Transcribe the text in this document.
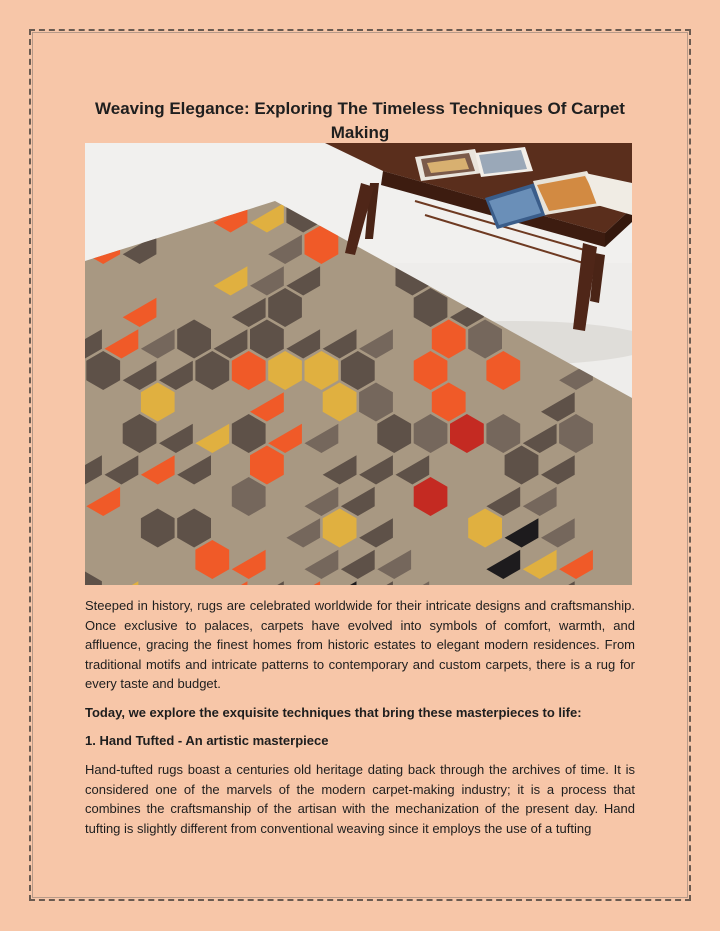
Weaving Elegance: Exploring The Timeless Techniques Of Carpet Making

Steeped in history, rugs are celebrated worldwide for their intricate designs and craftsmanship. Once exclusive to palaces, carpets have evolved into symbols of comfort, warmth, and affluence, gracing the finest homes from historic estates to elegant modern residences. From traditional motifs and intricate patterns to contemporary and custom carpets, there is a rug for every taste and budget.

Today, we explore the exquisite techniques that bring these masterpieces to life:

1. Hand Tufted - An artistic masterpiece

Hand-tufted rugs boast a centuries old heritage dating back through the archives of time. It is considered one of the marvels of the modern carpet-making industry; it is a process that combines the craftsmanship of the artisan with the mechanization of the present day. Hand tufting is slightly different from conventional weaving since it employs the use of a tufting
